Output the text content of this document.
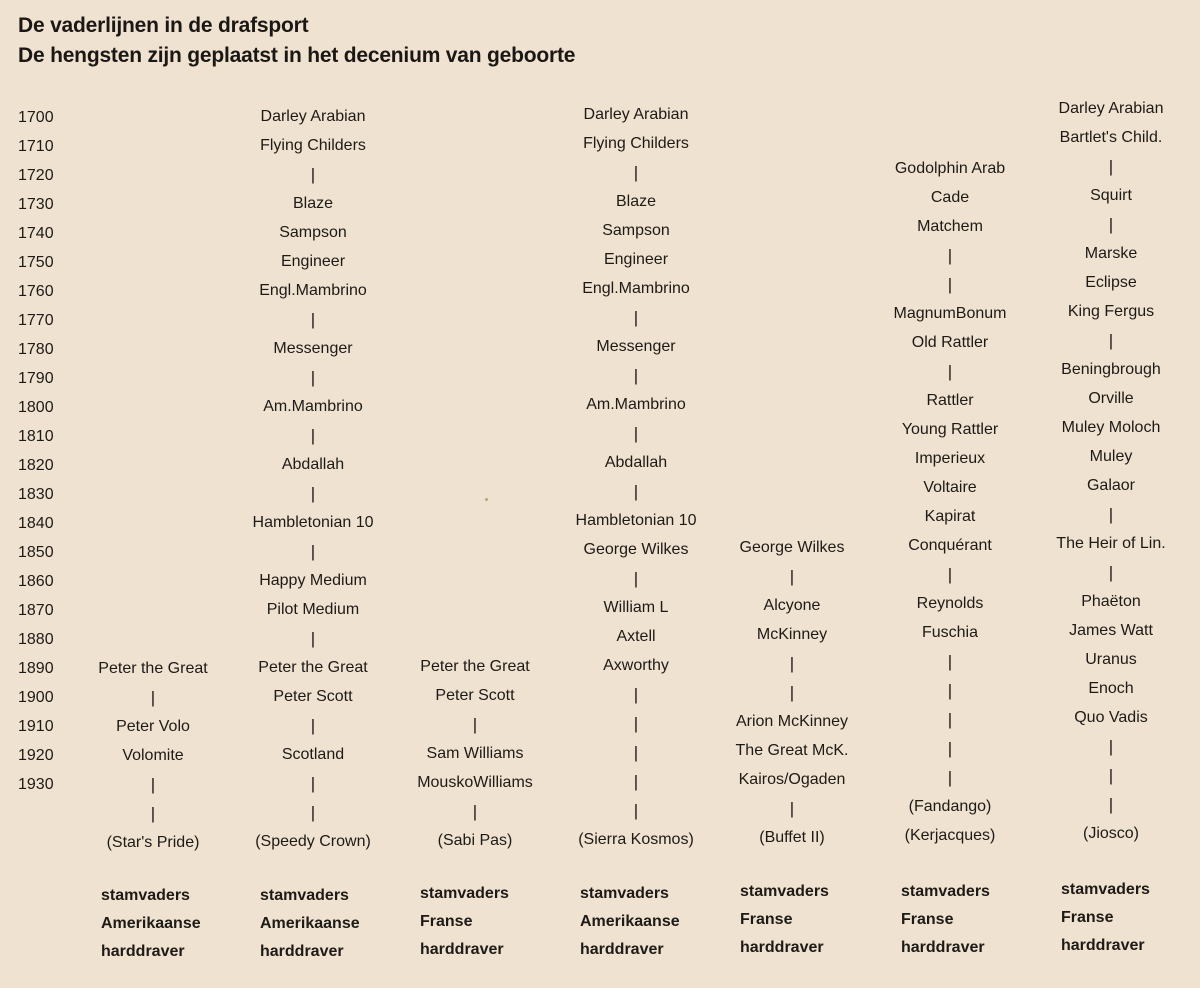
De vaderlijnen in de drafsport
De hengsten zijn geplaatst in het decenium van geboorte
1700
1710
1720
1730
1740
1750
1760
1770
1780
1790
1800
1810
1820
1830
1840
1850
1860
1870
1880
1890
1900
1910
1920
1930
Peter the Great
|
Peter Volo
Volomite
|
|
(Star's Pride)
stamvaders
Amerikaanse
harddraver
Darley Arabian
Flying Childers
|
Blaze
Sampson
Engineer
Engl.Mambrino
|
Messenger
|
Am.Mambrino
|
Abdallah
|
Hambletonian 10
|
Happy Medium
Pilot Medium
|
Peter the Great
Peter Scott
|
Scotland
|
|
(Speedy Crown)
stamvaders
Amerikaanse
harddraver
Peter the Great
Peter Scott
|
Sam Williams
MouskoWilliams
|
(Sabi Pas)
stamvaders
Franse
harddraver
Darley Arabian
Flying Childers
|
Blaze
Sampson
Engineer
Engl.Mambrino
|
Messenger
|
Am.Mambrino
|
Abdallah
|
Hambletonian 10
George Wilkes
|
William L
Axtell
Axworthy
|
|
|
|
|
(Sierra Kosmos)
stamvaders
Amerikaanse
harddraver
George Wilkes
|
Alcyone
McKinney
|
|
Arion McKinney
The Great McK.
Kairos/Ogaden
|
(Buffet II)
stamvaders
Franse
harddraver
Godolphin Arab
Cade
Matchem
|
|
MagnumBonum
Old Rattler
|
Rattler
Young Rattler
Imperieux
Voltaire
Kapirat
Conquérant
|
Reynolds
Fuschia
|
|
|
|
|
(Fandango)
(Kerjacques)
stamvaders
Franse
harddraver
Darley Arabian
Bartlet's Child.
|
Squirt
|
Marske
Eclipse
King Fergus
|
Beningbrough
Orville
Muley Moloch
Muley
Galaor
|
The Heir of Lin.
|
Phaëton
James Watt
Uranus
Enoch
Quo Vadis
|
|
|
(Jiosco)
stamvaders
Franse
harddraver
